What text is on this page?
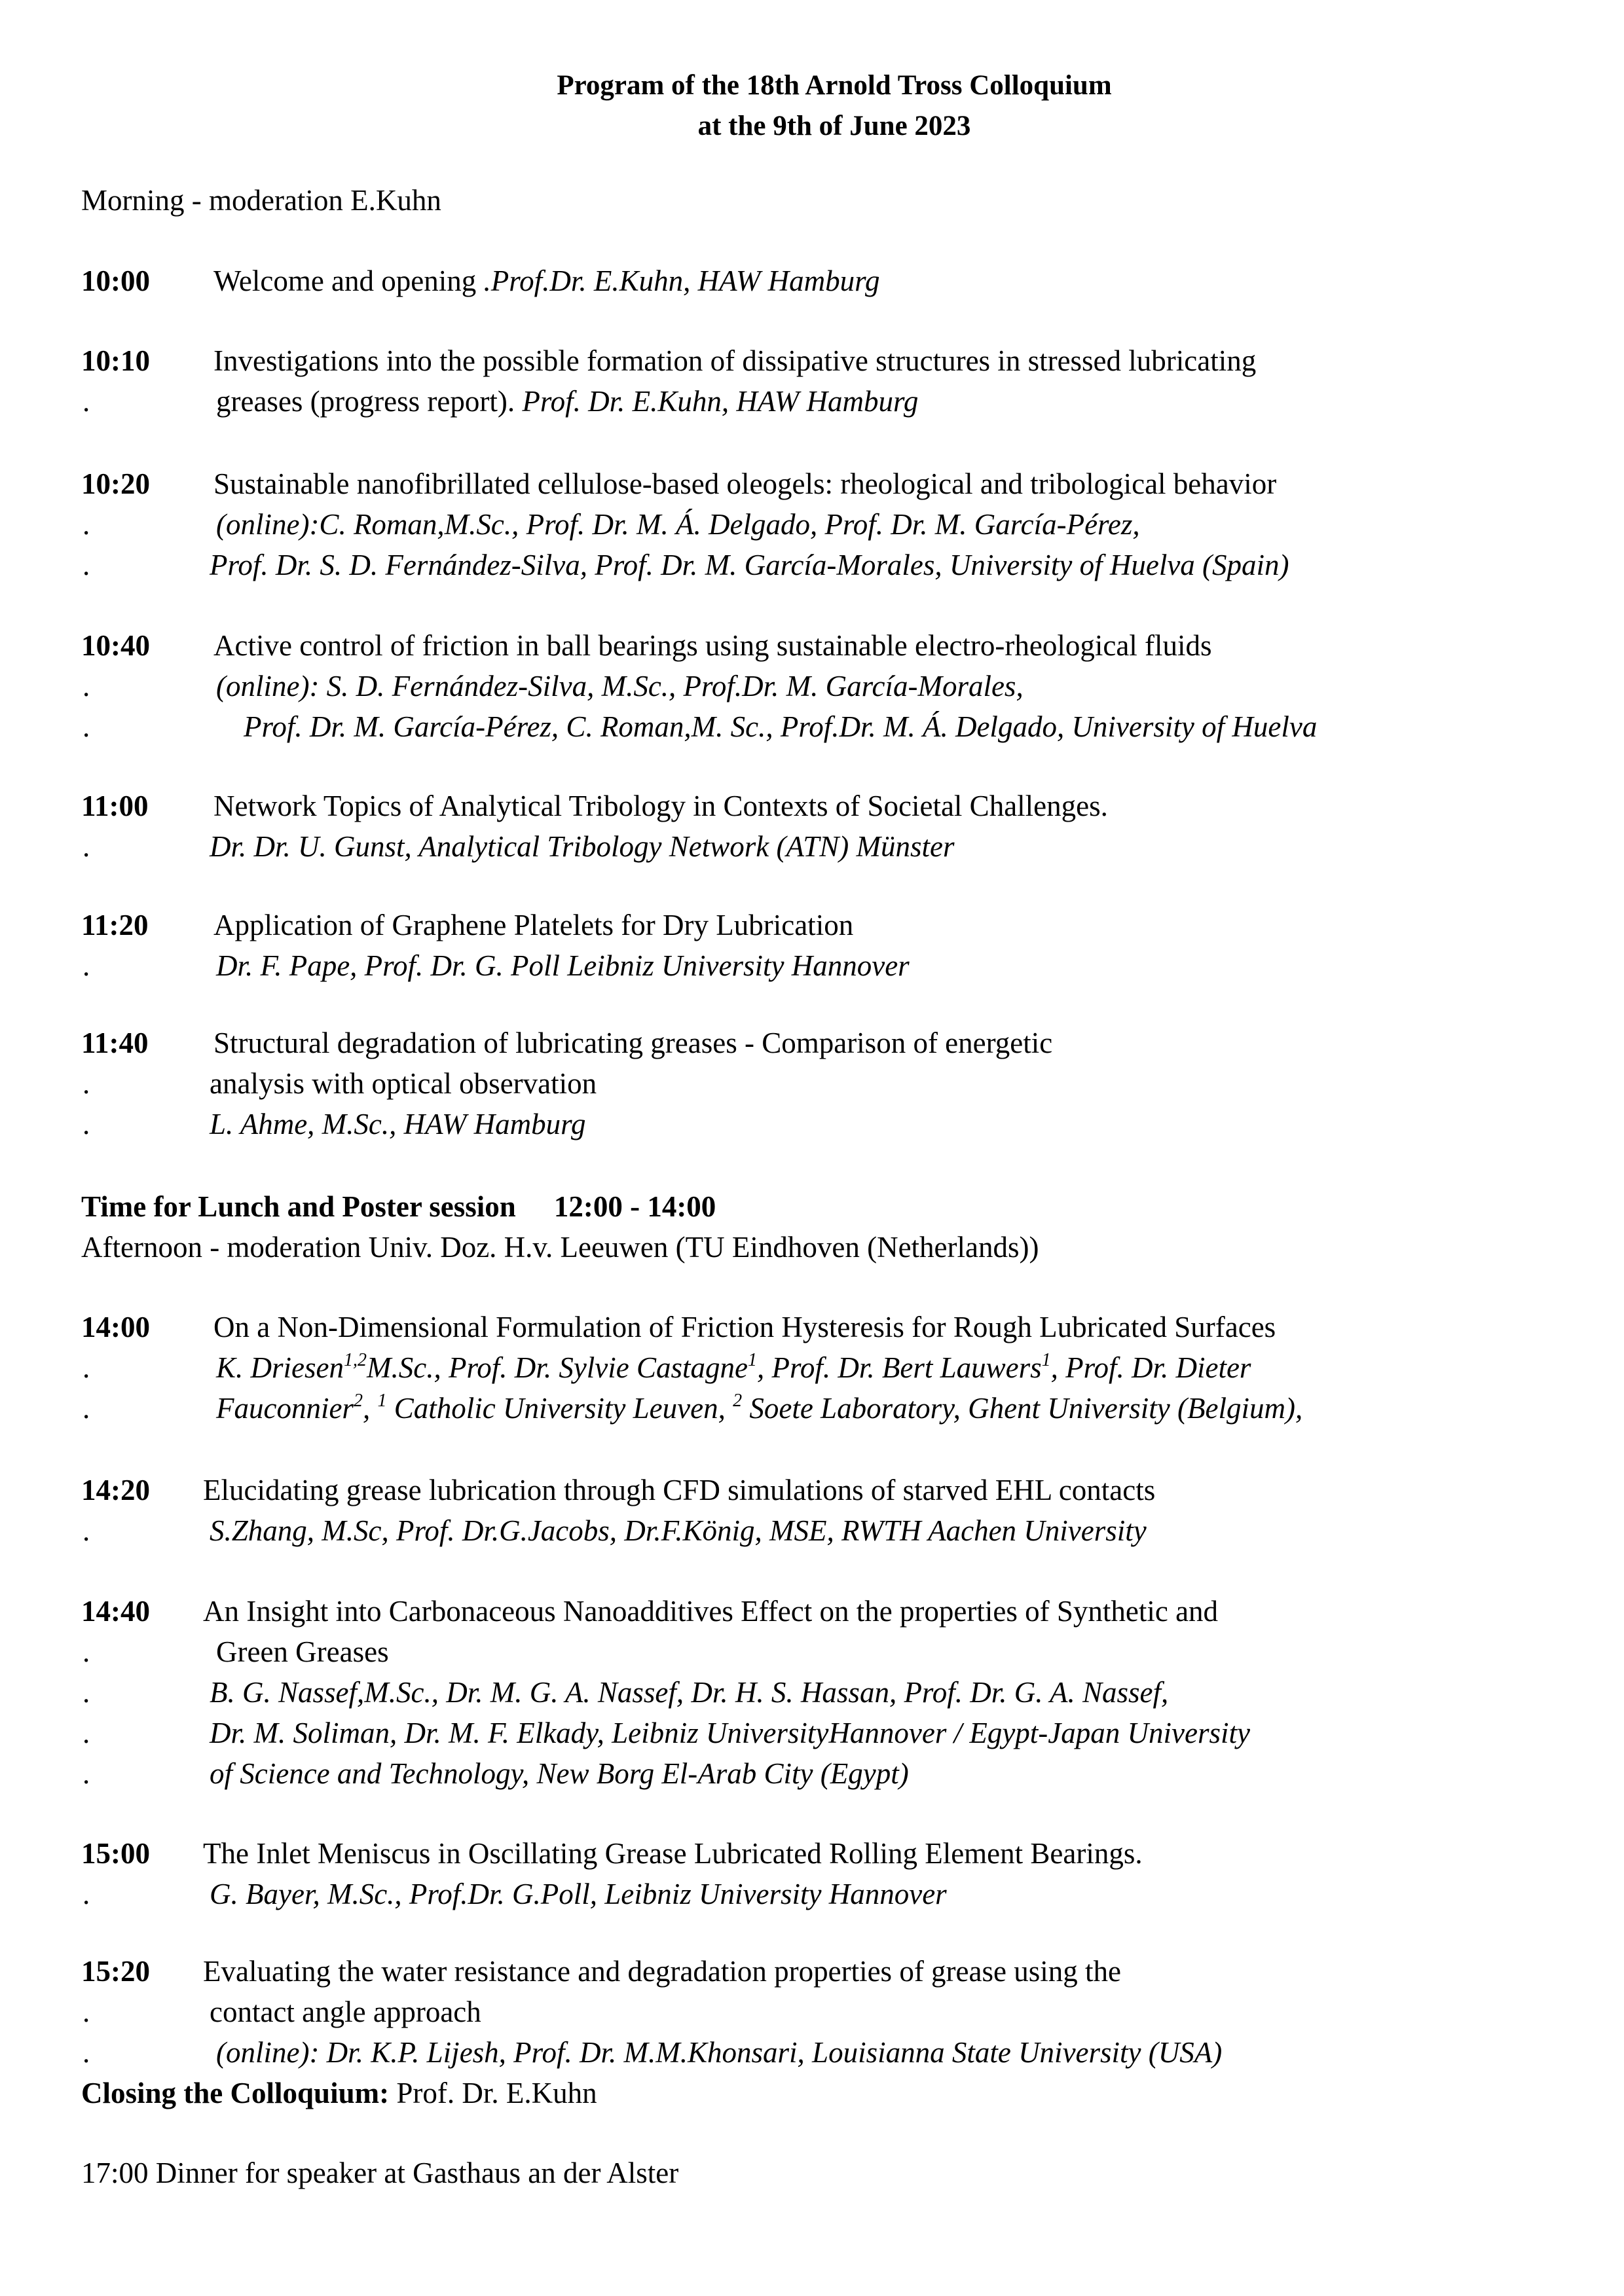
Program of the 18th Arnold Tross Colloquium
at the 9th of June 2023
Morning - moderation E.Kuhn
10:00 Welcome and opening .Prof.Dr. E.Kuhn, HAW Hamburg
10:10 Investigations into the possible formation of dissipative structures in stressed lubricating
.	greases (progress report). Prof. Dr. E.Kuhn, HAW Hamburg
10:20 Sustainable nanofibrillated cellulose-based oleogels: rheological and tribological behavior
.	(online):C. Roman,M.Sc., Prof. Dr. M. Á. Delgado, Prof. Dr. M. García-Pérez,
.	Prof. Dr. S. D. Fernández-Silva, Prof. Dr. M. García-Morales, University of Huelva (Spain)
10:40 Active control of friction in ball bearings using sustainable electro-rheological fluids
.	(online): S. D. Fernández-Silva, M.Sc., Prof.Dr. M. García-Morales,
.	Prof. Dr. M. García-Pérez, C. Roman,M. Sc., Prof.Dr. M. Á. Delgado, University of Huelva
11:00 Network Topics of Analytical Tribology in Contexts of Societal Challenges.
.	Dr. Dr. U. Gunst, Analytical Tribology Network (ATN) Münster
11:20 Application of Graphene Platelets for Dry Lubrication
.	Dr. F. Pape, Prof. Dr. G. Poll Leibniz University Hannover
11:40 Structural degradation of lubricating greases - Comparison of energetic
.	analysis with optical observation
.	L. Ahme, M.Sc., HAW Hamburg
Time for Lunch and Poster session 12:00 - 14:00
Afternoon - moderation Univ. Doz. H.v. Leeuwen (TU Eindhoven (Netherlands))
14:00 On a Non-Dimensional Formulation of Friction Hysteresis for Rough Lubricated Surfaces
.	K. Driesen$^{1,2}$M.Sc., Prof. Dr. Sylvie Castagne$^1$, Prof. Dr. Bert Lauwers$^1$, Prof. Dr. Dieter
.	Fauconnier$^2$, $^1$ Catholic University Leuven, $^2$ Soete Laboratory, Ghent University (Belgium),
14:20 Elucidating grease lubrication through CFD simulations of starved EHL contacts
.	S.Zhang, M.Sc, Prof. Dr.G.Jacobs, Dr.F.König, MSE, RWTH Aachen University
14:40 An Insight into Carbonaceous Nanoadditives Effect on the properties of Synthetic and
.	Green Greases
.	B. G. Nassef,M.Sc., Dr. M. G. A. Nassef, Dr. H. S. Hassan, Prof. Dr. G. A. Nassef,
.	Dr. M. Soliman, Dr. M. F. Elkady, Leibniz UniversityHannover / Egypt-Japan University
.	of Science and Technology, New Borg El-Arab City (Egypt)
15:00 The Inlet Meniscus in Oscillating Grease Lubricated Rolling Element Bearings.
.	G. Bayer, M.Sc., Prof.Dr. G.Poll, Leibniz University Hannover
15:20 Evaluating the water resistance and degradation properties of grease using the
.	contact angle approach
.	(online): Dr. K.P. Lijesh, Prof. Dr. M.M.Khonsari, Louisianna State University (USA)
Closing the Colloquium: Prof. Dr. E.Kuhn
17:00 Dinner for speaker at Gasthaus an der Alster
